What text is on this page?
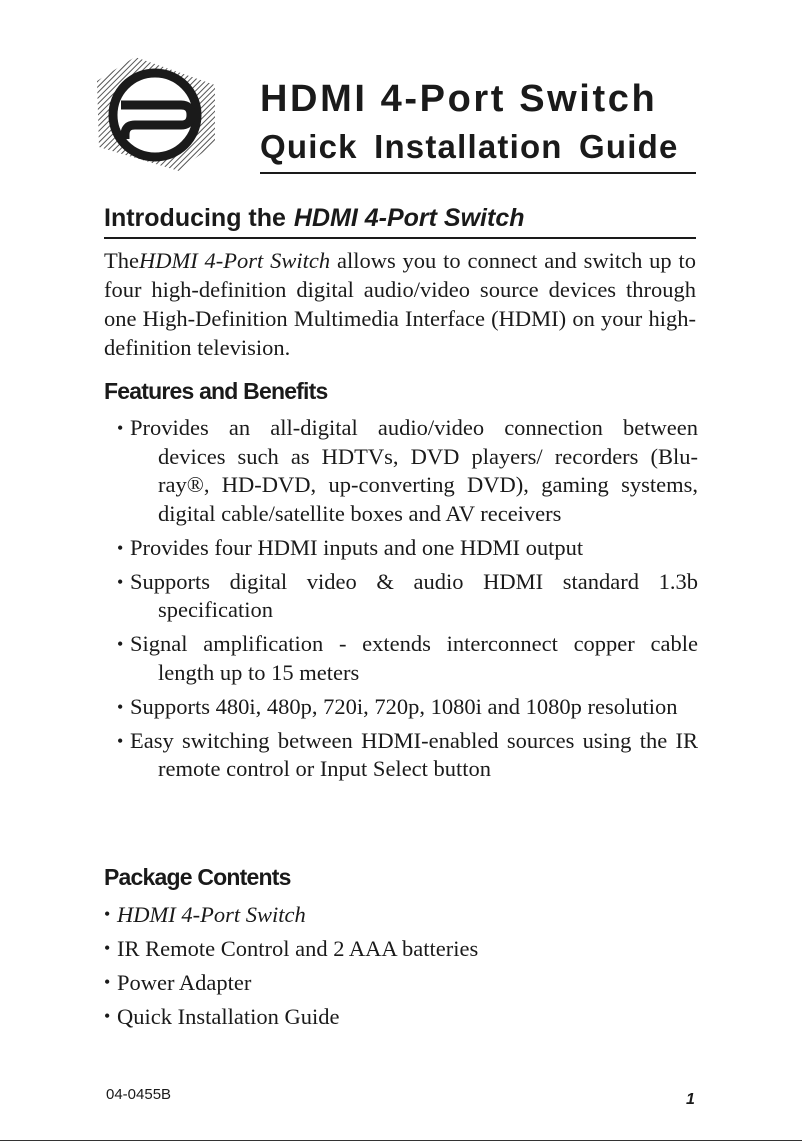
HDMI 4-Port Switch

Quick Installation Guide

Introducing the HDMI 4-Port Switch

TheHDMI 4-Port Switch allows you to connect and switch up to four high-definition digital audio/video source devices through one High-Definition Multimedia Interface (HDMI) on your high-definition television.

Features and Benefits
• Provides an all-digital audio/video connection between devices such as HDTVs, DVD players/ recorders (Blu-ray®, HD-DVD, up-converting DVD), gaming systems, digital cable/satellite boxes and AV receivers
• Provides four HDMI inputs and one HDMI output
• Supports digital video & audio HDMI standard 1.3b specification
• Signal amplification - extends interconnect copper cable length up to 15 meters
• Supports 480i, 480p, 720i, 720p, 1080i and 1080p resolution
• Easy switching between HDMI-enabled sources using the IR remote control or Input Select button
Package Contents
• HDMI 4-Port Switch
• IR Remote Control and 2 AAA batteries
• Power Adapter
• Quick Installation Guide

04-0455B	1
